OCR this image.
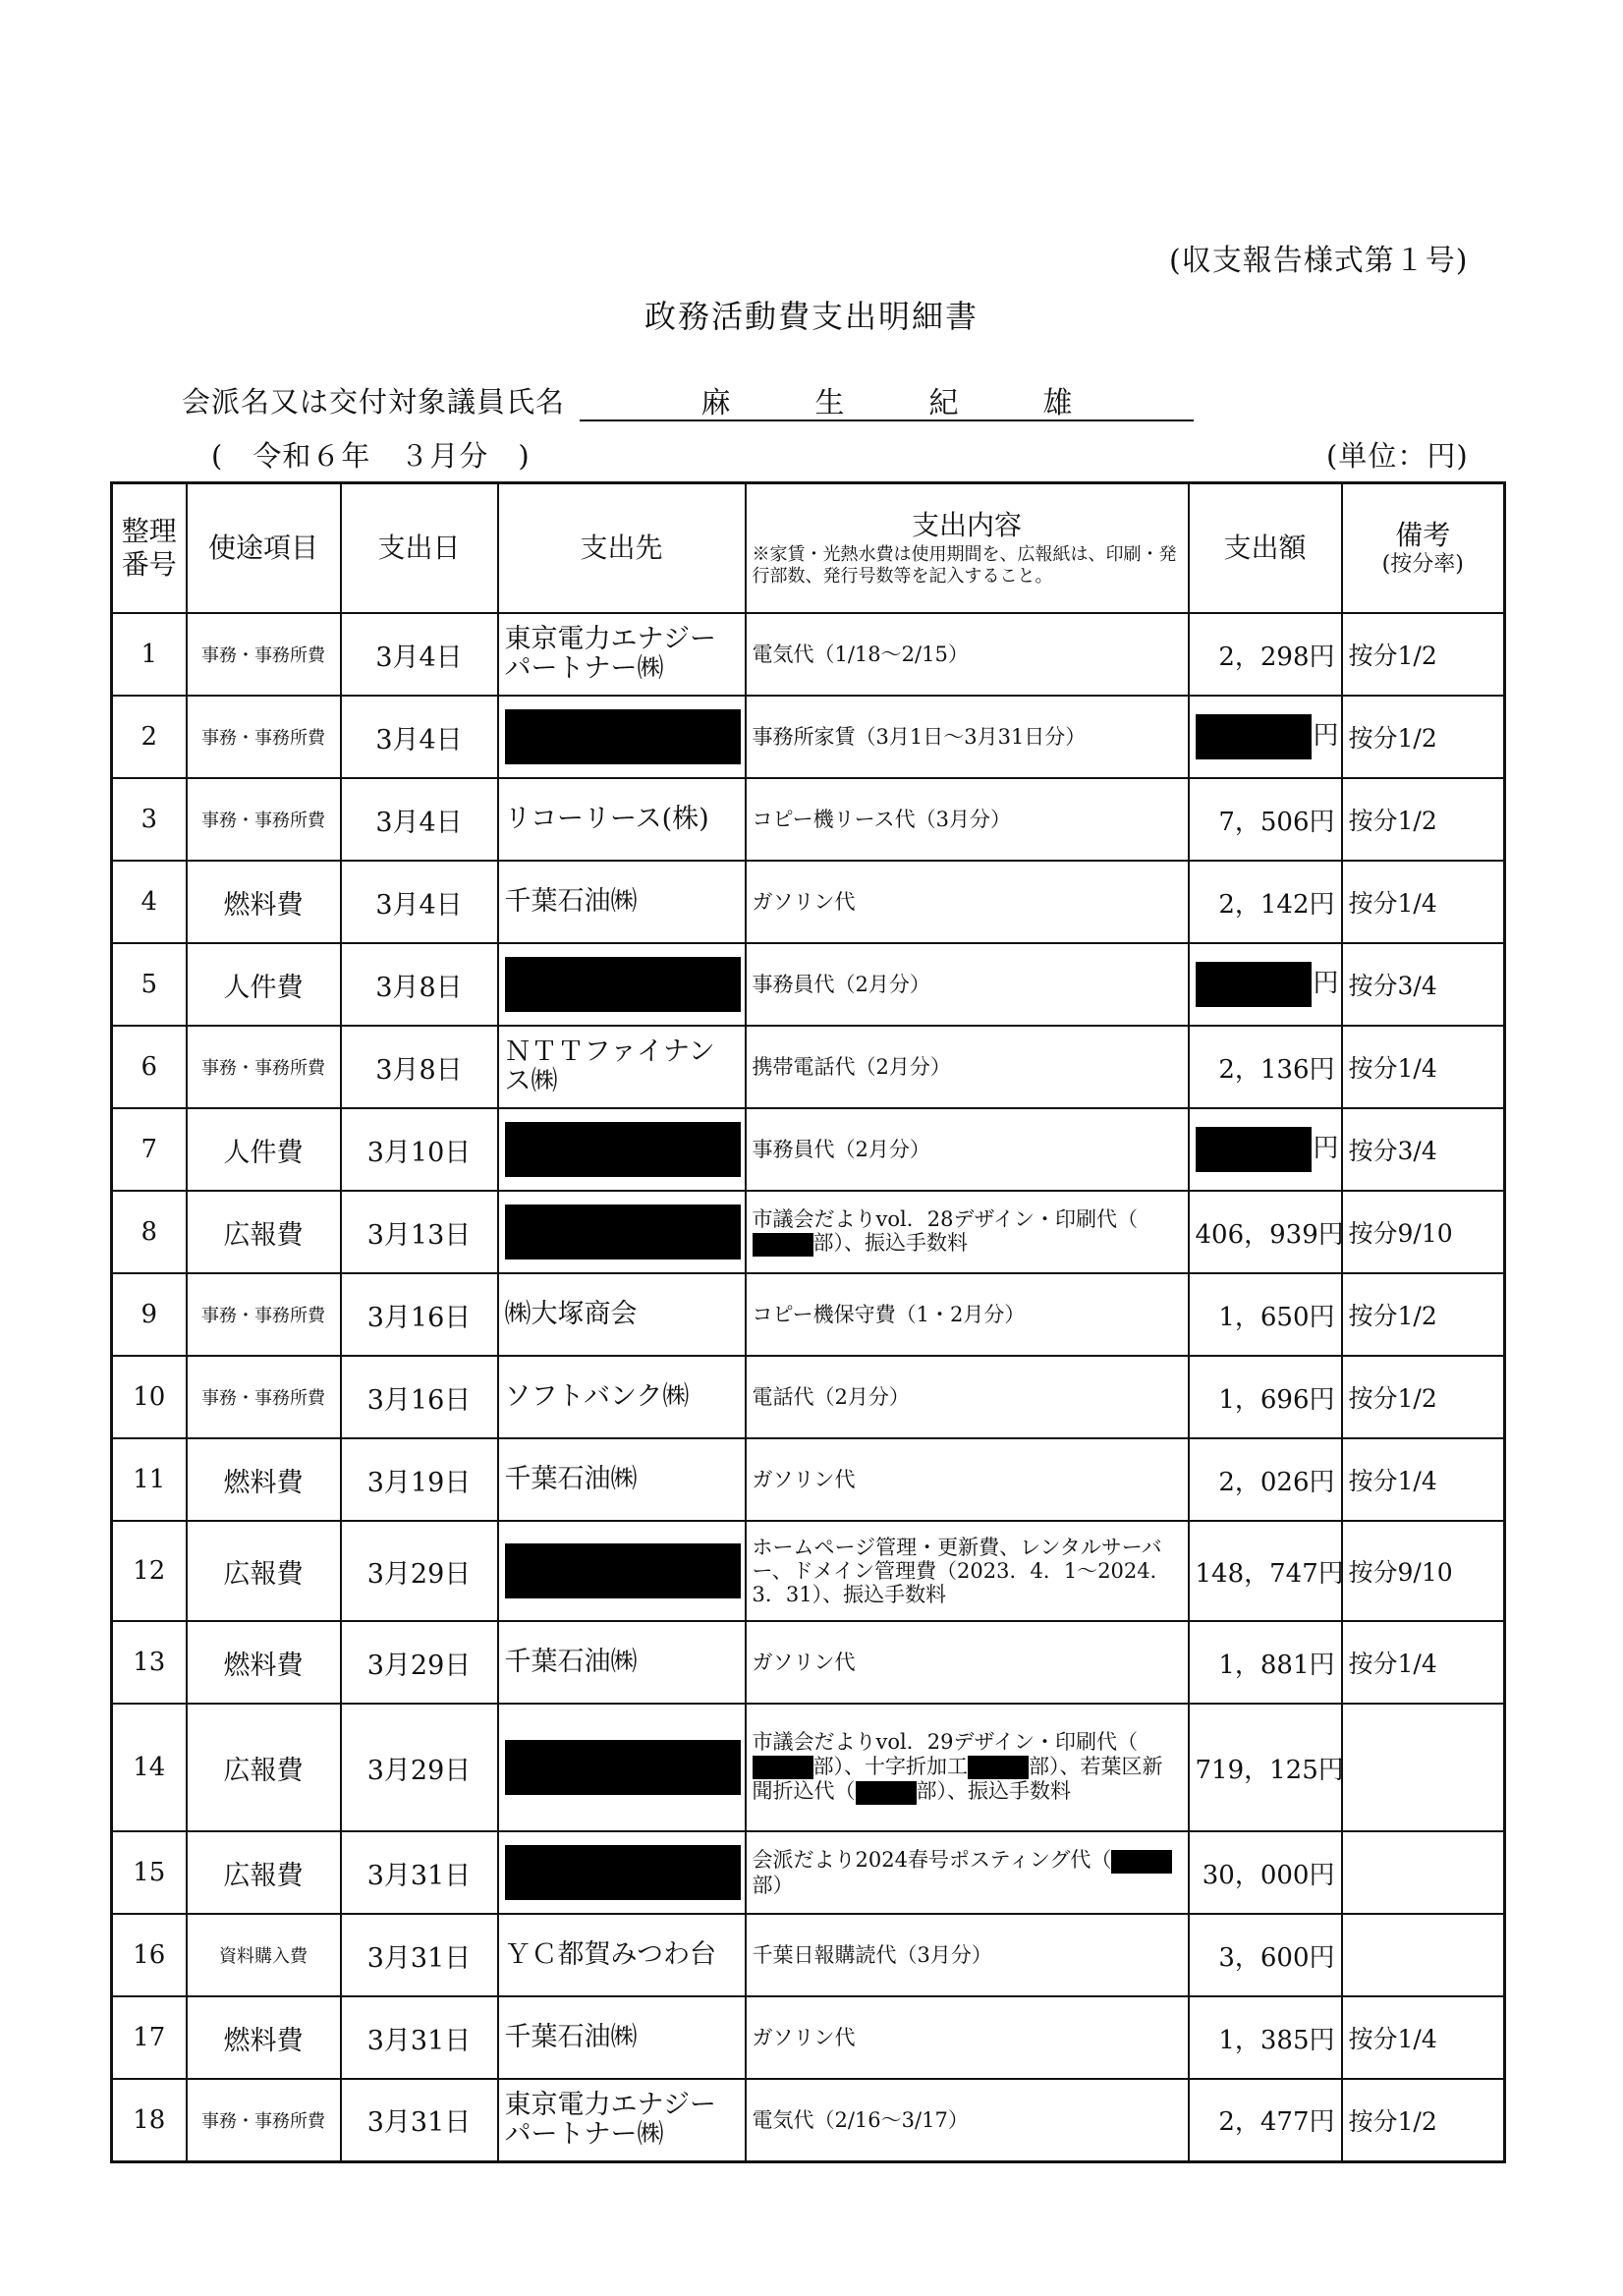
(収支報告様式第１号)
政務活動費支出明細書
会派名又は交付対象議員氏名	麻生紀雄
(　令和６年　３月分　)	(単位：円)
整理番号	使途項目	支出日	支出先	支出内容
※家賃・光熱水費は使用期間を、広報紙は、印刷・発行部数、発行号数等を記入すること。	支出額	備考
(按分率)

1	事務・事務所費	3月4日	東京電力エナジーパートナー㈱	電気代（1/18～2/15）	2，298円	按分1/2
2	事務・事務所費	3月4日		事務所家賃（3月1日～3月31日分）	円	按分1/2
3	事務・事務所費	3月4日	リコーリース(株)	コピー機リース代（3月分）	7，506円	按分1/2
4	燃料費	3月4日	千葉石油㈱	ガソリン代	2，142円	按分1/4
5	人件費	3月8日		事務員代（2月分）	円	按分3/4
6	事務・事務所費	3月8日	ＮＴＴファイナンス㈱	携帯電話代（2月分）	2，136円	按分1/4
7	人件費	3月10日		事務員代（2月分）	円	按分3/4
8	広報費	3月13日		市議会だよりvol．28デザイン・印刷代（部）、振込手数料	406，939円	按分9/10
9	事務・事務所費	3月16日	㈱大塚商会	コピー機保守費（1・2月分）	1，650円	按分1/2
10	事務・事務所費	3月16日	ソフトバンク㈱	電話代（2月分）	1，696円	按分1/2
11	燃料費	3月19日	千葉石油㈱	ガソリン代	2，026円	按分1/4
12	広報費	3月29日		ホームページ管理・更新費、レンタルサーバー、ドメイン管理費（2023．4．1～2024．3．31）、振込手数料	148，747円	按分9/10
13	燃料費	3月29日	千葉石油㈱	ガソリン代	1，881円	按分1/4
14	広報費	3月29日		市議会だよりvol．29デザイン・印刷代（部）、十字折加工 部）、若葉区新聞折込代（ 部）、振込手数料	719，125円	
15	広報費	3月31日		会派だより2024春号ポスティング代（部）	30，000円	
16	資料購入費	3月31日	ＹＣ都賀みつわ台	千葉日報購読代（3月分）	3，600円	
17	燃料費	3月31日	千葉石油㈱	ガソリン代	1，385円	按分1/4
18	事務・事務所費	3月31日	東京電力エナジーパートナー㈱	電気代（2/16～3/17）	2，477円	按分1/2
